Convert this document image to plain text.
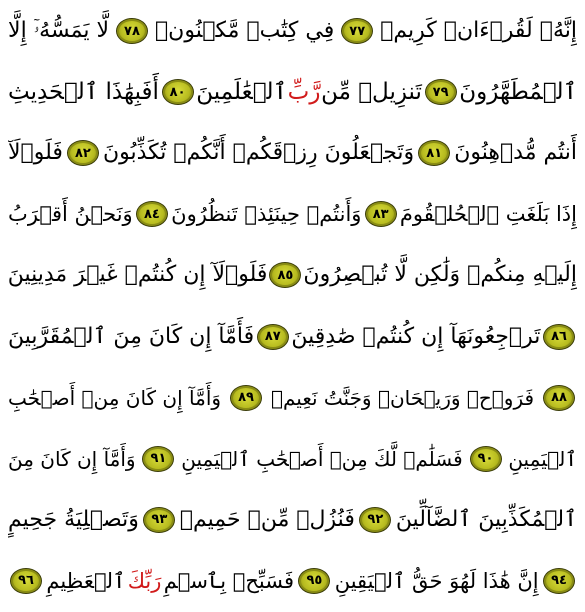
إِنَّهُۥ لَقُرۡءَانٞ كَرِيمٞ
٧٧
فِي كِتَٰبٖ مَّكۡنُونٖ
٧٨
لَّا يَمَسُّهُۥٓ إِلَّا
ٱلۡمُطَهَّرُونَ
٧٩
تَنزِيلٞ مِّن
رَّبِّ
ٱلۡعَٰلَمِينَ
٨٠
أَفَبِهَٰذَا ٱلۡحَدِيثِ
أَنتُم مُّدۡهِنُونَ
٨١
وَتَجۡعَلُونَ رِزۡقَكُمۡ أَنَّكُمۡ تُكَذِّبُونَ
٨٢
فَلَوۡلَآ
إِذَا بَلَغَتِ ٱلۡحُلۡقُومَ
٨٣
وَأَنتُمۡ حِينَئِذٖ تَنظُرُونَ
٨٤
وَنَحۡنُ أَقۡرَبُ
إِلَيۡهِ مِنكُمۡ وَلَٰكِن لَّا تُبۡصِرُونَ
٨٥
فَلَوۡلَآ إِن كُنتُمۡ غَيۡرَ مَدِينِينَ
٨٦
تَرۡجِعُونَهَآ إِن كُنتُمۡ صَٰدِقِينَ
٨٧
فَأَمَّآ إِن كَانَ مِنَ ٱلۡمُقَرَّبِينَ
٨٨
فَرَوۡحٞ وَرَيۡحَانٞ وَجَنَّتُ نَعِيمٖ
٨٩
وَأَمَّآ إِن كَانَ مِنۡ أَصۡحَٰبِ
ٱلۡيَمِينِ
٩٠
فَسَلَٰمٞ لَّكَ مِنۡ أَصۡحَٰبِ ٱلۡيَمِينِ
٩١
وَأَمَّآ إِن كَانَ مِنَ
ٱلۡمُكَذِّبِينَ ٱلضَّآلِّينَ
٩٢
فَنُزُلٞ مِّنۡ حَمِيمٖ
٩٣
وَتَصۡلِيَةُ جَحِيمٍ
٩٤
إِنَّ هَٰذَا لَهُوَ حَقُّ ٱلۡيَقِينِ
٩٥
فَسَبِّحۡ بِٱسۡمِ
رَبِّكَ
ٱلۡعَظِيمِ
٩٦
